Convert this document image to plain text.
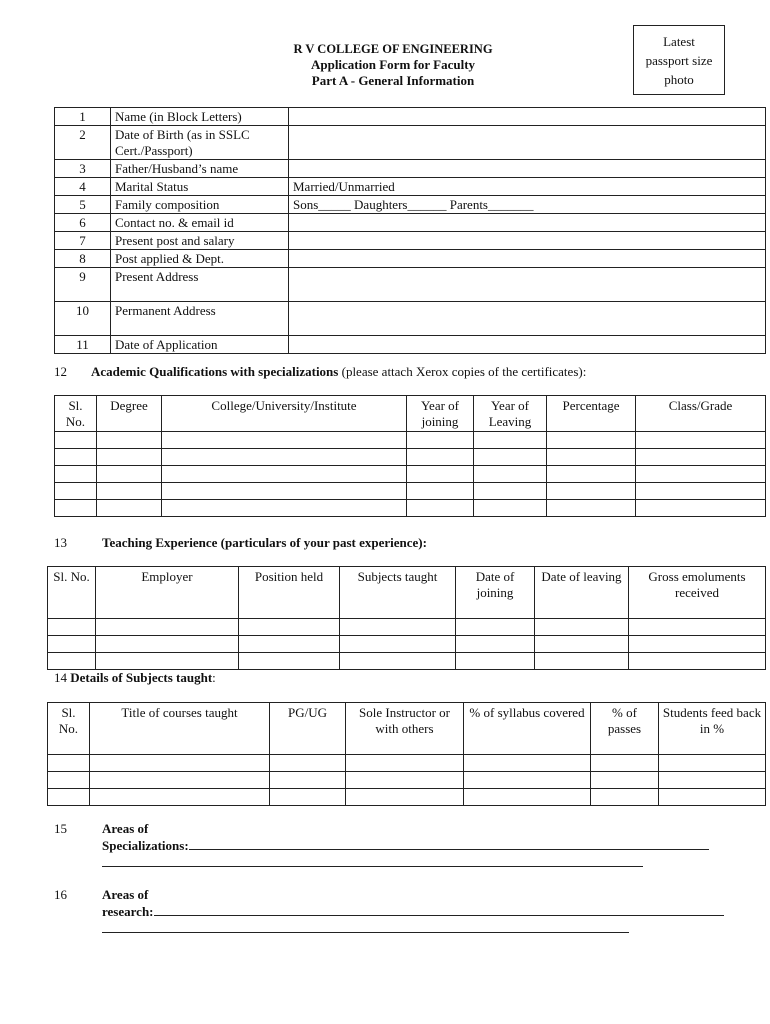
R V COLLEGE OF ENGINEERING
Application Form for Faculty
Part A - General Information
Latest passport size photo
1	Name (in Block Letters)	
2	Date of Birth (as in SSLC Cert./Passport)	
3	Father/Husband’s name	
4	Marital Status	Married/Unmarried
5	Family composition	Sons_____ Daughters______ Parents_______
6	Contact no. & email id	
7	Present post and salary	
8	Post applied & Dept.	
9	Present Address	
10	Permanent Address	
11	Date of Application	
12 Academic Qualifications with specializations (please attach Xerox copies of the certificates):
Sl. No.	Degree	College/University/Institute	Year of joining	Year of Leaving	Percentage	Class/Grade

13	Teaching Experience (particulars of your past experience):
Sl. No.	Employer	Position held	Subjects taught	Date of joining	Date of leaving	Gross emoluments received

14 Details of Subjects taught:
Sl. No.	Title of courses taught	PG/UG	Sole Instructor or with others	% of syllabus covered	% of passes	Students feed back in %

15	Areas of
Specializations:
16	Areas of
research:
